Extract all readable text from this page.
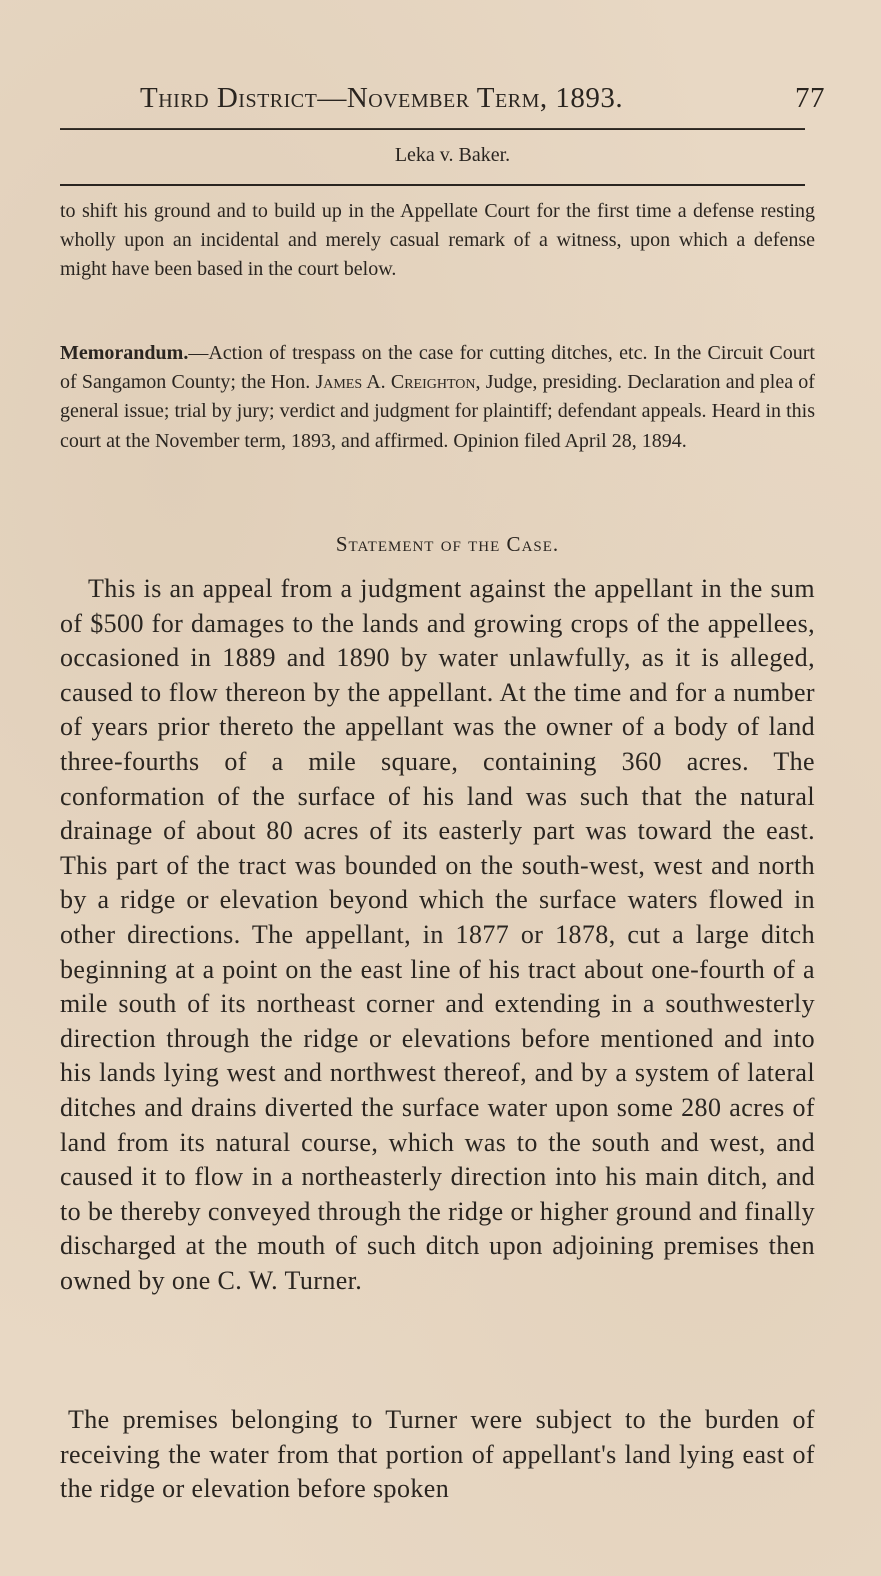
Third District—November Term, 1893.	77
Leka v. Baker.

to shift his ground and to build up in the Appellate Court for the first time a defense resting wholly upon an incidental and merely casual remark of a witness, upon which a defense might have been based in the court below.

Memorandum.—Action of trespass on the case for cutting ditches, etc. In the Circuit Court of Sangamon County; the Hon. James A. Creighton, Judge, presiding. Declaration and plea of general issue; trial by jury; verdict and judgment for plaintiff; defendant appeals. Heard in this court at the November term, 1893, and affirmed. Opinion filed April 28, 1894.

Statement of the Case.

This is an appeal from a judgment against the appellant in the sum of $500 for damages to the lands and growing crops of the appellees, occasioned in 1889 and 1890 by water unlawfully, as it is alleged, caused to flow thereon by the appellant. At the time and for a number of years prior thereto the appellant was the owner of a body of land three-fourths of a mile square, containing 360 acres. The conformation of the surface of his land was such that the natural drainage of about 80 acres of its easterly part was toward the east. This part of the tract was bounded on the south-west, west and north by a ridge or elevation beyond which the surface waters flowed in other directions. The appellant, in 1877 or 1878, cut a large ditch beginning at a point on the east line of his tract about one-fourth of a mile south of its northeast corner and extending in a southwesterly direction through the ridge or elevations before mentioned and into his lands lying west and northwest thereof, and by a system of lateral ditches and drains diverted the surface water upon some 280 acres of land from its natural course, which was to the south and west, and caused it to flow in a northeasterly direction into his main ditch, and to be thereby conveyed through the ridge or higher ground and finally discharged at the mouth of such ditch upon adjoining premises then owned by one C. W. Turner.

The premises belonging to Turner were subject to the burden of receiving the water from that portion of appellant's land lying east of the ridge or elevation before spoken
